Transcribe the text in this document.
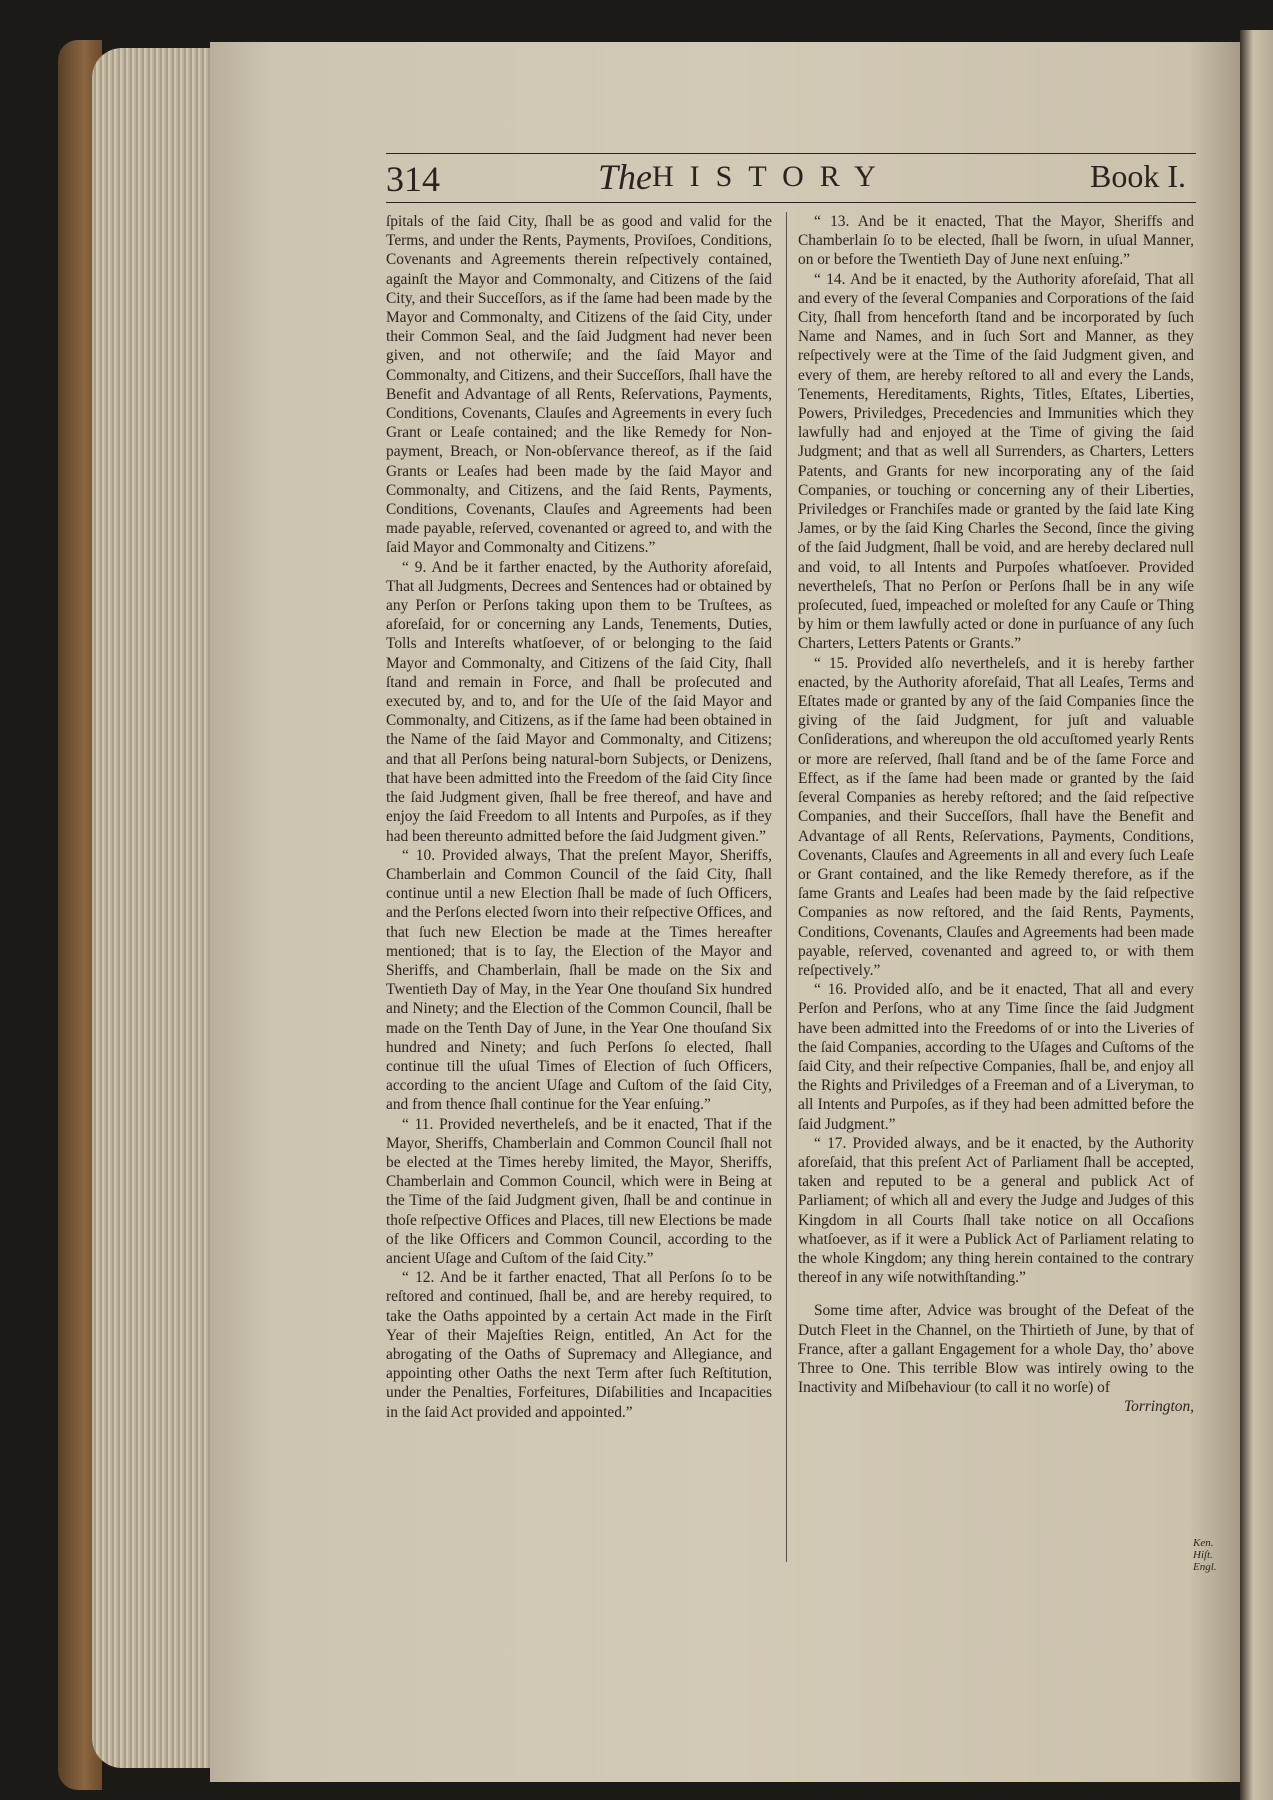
314	The HISTORY	Book I.

ſpitals of the ſaid City, ſhall be as good and valid for the Terms, and under the Rents, Payments, Proviſoes, Conditions, Covenants and Agreements therein reſpectively contained, againſt the Mayor and Commonalty, and Citizens of the ſaid City, and their Succeſſors, as if the ſame had been made by the Mayor and Commonalty, and Citizens of the ſaid City, under their Common Seal, and the ſaid Judgment had never been given, and not otherwiſe; and the ſaid Mayor and Commonalty, and Citizens, and their Succeſſors, ſhall have the Benefit and Advantage of all Rents, Reſervations, Payments, Conditions, Covenants, Clauſes and Agreements in every ſuch Grant or Leaſe contained; and the like Remedy for Non-payment, Breach, or Non-obſervance thereof, as if the ſaid Grants or Leaſes had been made by the ſaid Mayor and Commonalty, and Citizens, and the ſaid Rents, Payments, Conditions, Covenants, Clauſes and Agreements had been made payable, reſerved, covenanted or agreed to, and with the ſaid Mayor and Commonalty and Citizens.”

“ 9. And be it farther enacted, by the Authority aforeſaid, That all Judgments, Decrees and Sentences had or obtained by any Perſon or Perſons taking upon them to be Truſtees, as aforeſaid, for or concerning any Lands, Tenements, Duties, Tolls and Intereſts whatſoever, of or belonging to the ſaid Mayor and Commonalty, and Citizens of the ſaid City, ſhall ſtand and remain in Force, and ſhall be proſecuted and executed by, and to, and for the Uſe of the ſaid Mayor and Commonalty, and Citizens, as if the ſame had been obtained in the Name of the ſaid Mayor and Commonalty, and Citizens; and that all Perſons being natural-born Subjects, or Denizens, that have been admitted into the Freedom of the ſaid City ſince the ſaid Judgment given, ſhall be free thereof, and have and enjoy the ſaid Freedom to all Intents and Purpoſes, as if they had been thereunto admitted before the ſaid Judgment given.”

“ 10. Provided always, That the preſent Mayor, Sheriffs, Chamberlain and Common Council of the ſaid City, ſhall continue until a new Election ſhall be made of ſuch Officers, and the Perſons elected ſworn into their reſpective Offices, and that ſuch new Election be made at the Times hereafter mentioned; that is to ſay, the Election of the Mayor and Sheriffs, and Chamberlain, ſhall be made on the Six and Twentieth Day of May, in the Year One thouſand Six hundred and Ninety; and the Election of the Common Council, ſhall be made on the Tenth Day of June, in the Year One thouſand Six hundred and Ninety; and ſuch Perſons ſo elected, ſhall continue till the uſual Times of Election of ſuch Officers, according to the ancient Uſage and Cuſtom of the ſaid City, and from thence ſhall continue for the Year enſuing.”

“ 11. Provided nevertheleſs, and be it enacted, That if the Mayor, Sheriffs, Chamberlain and Common Council ſhall not be elected at the Times hereby limited, the Mayor, Sheriffs, Chamberlain and Common Council, which were in Being at the Time of the ſaid Judgment given, ſhall be and continue in thoſe reſpective Offices and Places, till new Elections be made of the like Officers and Common Council, according to the ancient Uſage and Cuſtom of the ſaid City.”

“ 12. And be it farther enacted, That all Perſons ſo to be reſtored and continued, ſhall be, and are hereby required, to take the Oaths appointed by a certain Act made in the Firſt Year of their Majeſties Reign, entitled, An Act for the abrogating of the Oaths of Supremacy and Allegiance, and appointing other Oaths the next Term after ſuch Reſtitution, under the Penalties, Forfeitures, Diſabilities and Incapacities in the ſaid Act provided and appointed.”

“ 13. And be it enacted, That the Mayor, Sheriffs and Chamberlain ſo to be elected, ſhall be ſworn, in uſual Manner, on or before the Twentieth Day of June next enſuing.”

“ 14. And be it enacted, by the Authority aforeſaid, That all and every of the ſeveral Companies and Corporations of the ſaid City, ſhall from henceforth ſtand and be incorporated by ſuch Name and Names, and in ſuch Sort and Manner, as they reſpectively were at the Time of the ſaid Judgment given, and every of them, are hereby reſtored to all and every the Lands, Tenements, Hereditaments, Rights, Titles, Eſtates, Liberties, Powers, Priviledges, Precedencies and Immunities which they lawfully had and enjoyed at the Time of giving the ſaid Judgment; and that as well all Surrenders, as Charters, Letters Patents, and Grants for new incorporating any of the ſaid Companies, or touching or concerning any of their Liberties, Priviledges or Franchiſes made or granted by the ſaid late King James, or by the ſaid King Charles the Second, ſince the giving of the ſaid Judgment, ſhall be void, and are hereby declared null and void, to all Intents and Purpoſes whatſoever. Provided nevertheleſs, That no Perſon or Perſons ſhall be in any wiſe proſecuted, ſued, impeached or moleſted for any Cauſe or Thing by him or them lawfully acted or done in purſuance of any ſuch Charters, Letters Patents or Grants.”

“ 15. Provided alſo nevertheleſs, and it is hereby farther enacted, by the Authority aforeſaid, That all Leaſes, Terms and Eſtates made or granted by any of the ſaid Companies ſince the giving of the ſaid Judgment, for juſt and valuable Conſiderations, and whereupon the old accuſtomed yearly Rents or more are reſerved, ſhall ſtand and be of the ſame Force and Effect, as if the ſame had been made or granted by the ſaid ſeveral Companies as hereby reſtored; and the ſaid reſpective Companies, and their Succeſſors, ſhall have the Benefit and Advantage of all Rents, Reſervations, Payments, Conditions, Covenants, Clauſes and Agreements in all and every ſuch Leaſe or Grant contained, and the like Remedy therefore, as if the ſame Grants and Leaſes had been made by the ſaid reſpective Companies as now reſtored, and the ſaid Rents, Payments, Conditions, Covenants, Clauſes and Agreements had been made payable, reſerved, covenanted and agreed to, or with them reſpectively.”

“ 16. Provided alſo, and be it enacted, That all and every Perſon and Perſons, who at any Time ſince the ſaid Judgment have been admitted into the Freedoms of or into the Liveries of the ſaid Companies, according to the Uſages and Cuſtoms of the ſaid City, and their reſpective Companies, ſhall be, and enjoy all the Rights and Priviledges of a Freeman and of a Liveryman, to all Intents and Purpoſes, as if they had been admitted before the ſaid Judgment.”

“ 17. Provided always, and be it enacted, by the Authority aforeſaid, that this preſent Act of Parliament ſhall be accepted, taken and reputed to be a general and publick Act of Parliament; of which all and every the Judge and Judges of this Kingdom in all Courts ſhall take notice on all Occaſions whatſoever, as if it were a Publick Act of Parliament relating to the whole Kingdom; any thing herein contained to the contrary thereof in any wiſe notwithſtanding.”

Some time after, Advice was brought of the Defeat of the Dutch Fleet in the Channel, on the Thirtieth of June, by that of France, after a gallant Engagement for a whole Day, tho’ above Three to One. This terrible Blow was intirely owing to the Inactivity and Miſbehaviour (to call it no worſe) of

Torrington,

Ken. Hiſt. Engl.
